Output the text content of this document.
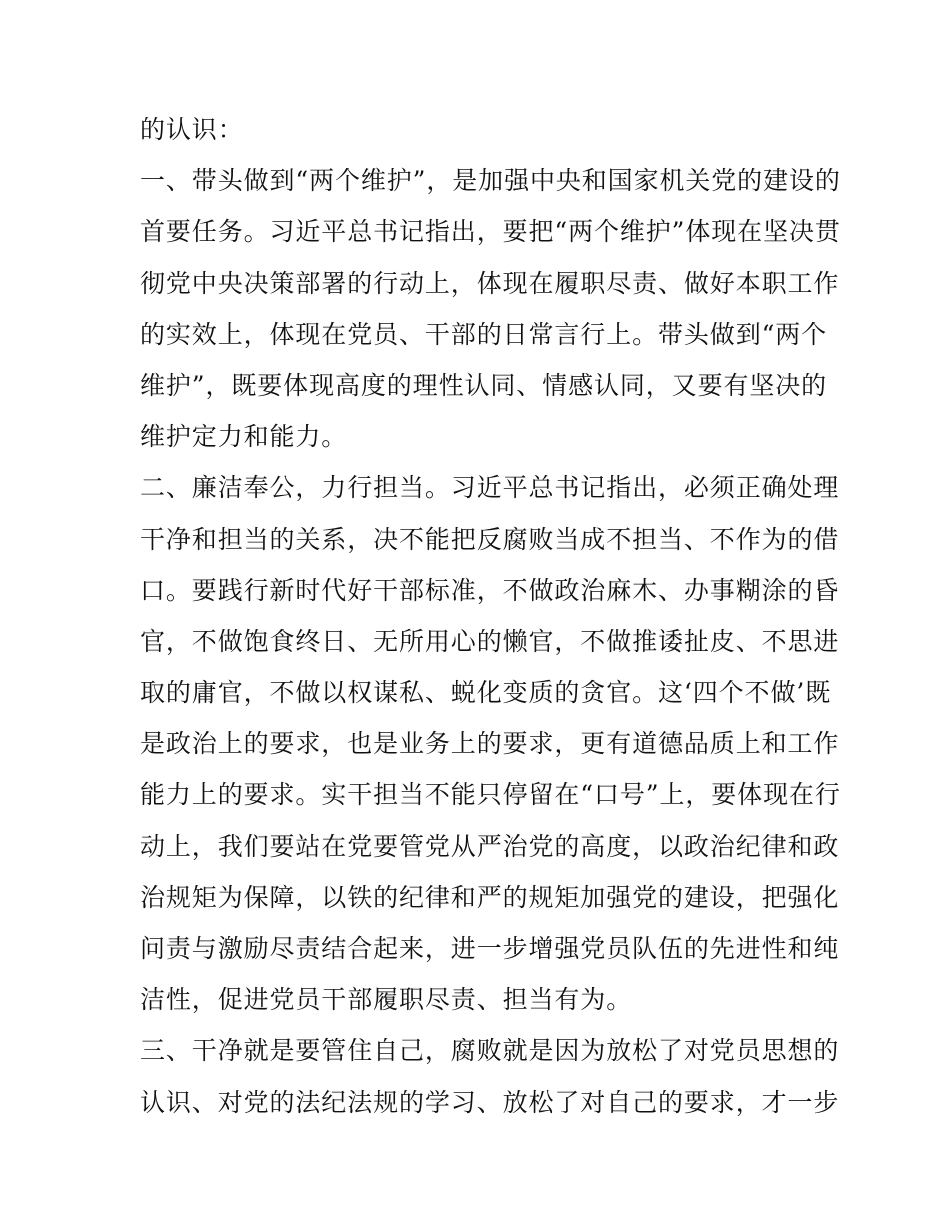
的认识：
一、带头做到“两个维护”，是加强中央和国家机关党的建设的
首要任务。习近平总书记指出，要把“两个维护”体现在坚决贯
彻党中央决策部署的行动上，体现在履职尽责、做好本职工作
的实效上，体现在党员、干部的日常言行上。带头做到“两个
维护”，既要体现高度的理性认同、情感认同，又要有坚决的
维护定力和能力。
二、廉洁奉公，力行担当。习近平总书记指出，必须正确处理
干净和担当的关系，决不能把反腐败当成不担当、不作为的借
口。要践行新时代好干部标准，不做政治麻木、办事糊涂的昏
官，不做饱食终日、无所用心的懒官，不做推诿扯皮、不思进
取的庸官，不做以权谋私、蜕化变质的贪官。这‘四个不做’既
是政治上的要求，也是业务上的要求，更有道德品质上和工作
能力上的要求。实干担当不能只停留在“口号”上，要体现在行
动上，我们要站在党要管党从严治党的高度，以政治纪律和政
治规矩为保障，以铁的纪律和严的规矩加强党的建设，把强化
问责与激励尽责结合起来，进一步增强党员队伍的先进性和纯
洁性，促进党员干部履职尽责、担当有为。
三、干净就是要管住自己，腐败就是因为放松了对党员思想的
认识、对党的法纪法规的学习、放松了对自己的要求，才一步
